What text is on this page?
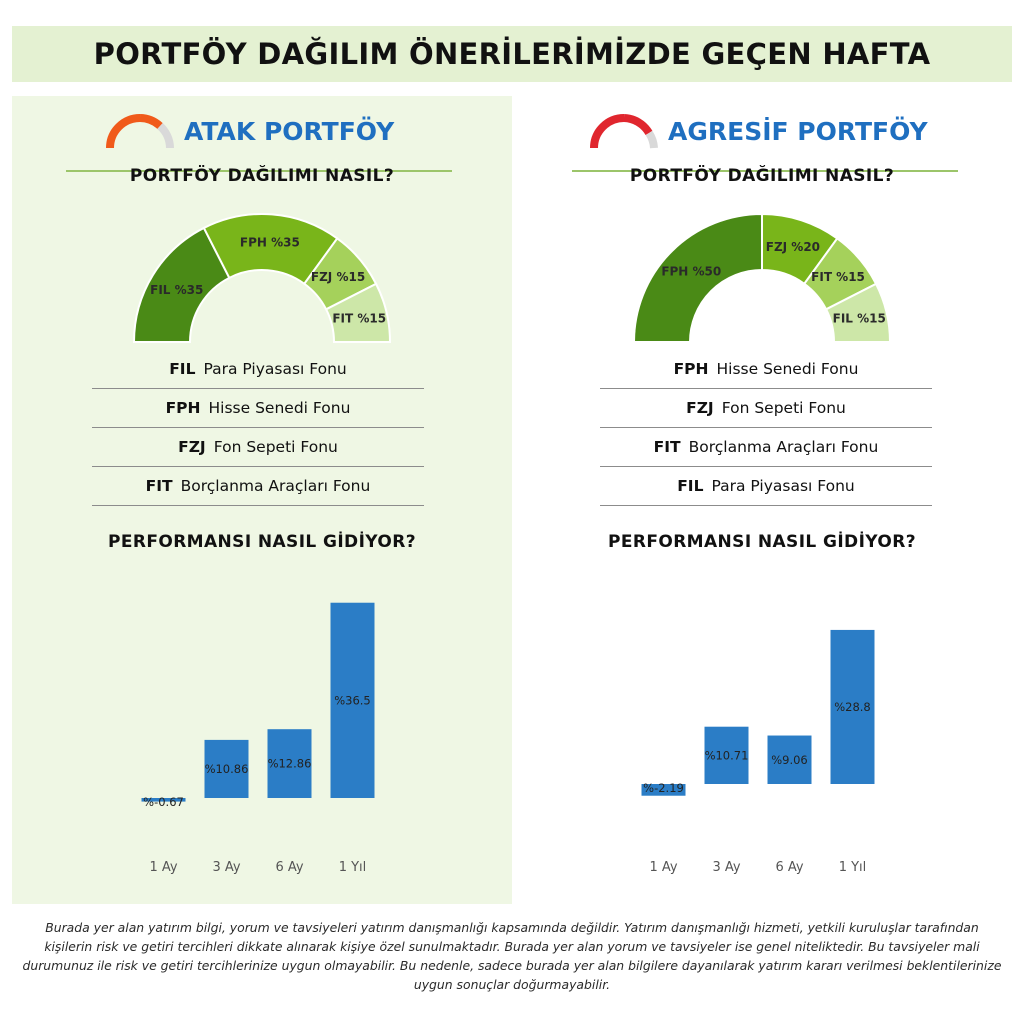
PORTFÖY DAĞILIM ÖNERİLERİMİZDE GEÇEN HAFTA
ATAK PORTFÖY
PORTFÖY DAĞILIMI NASIL?
FIL %35
FPH %35
FZJ %15
FIT %15
FIL Para Piyasası Fonu
FPH Hisse Senedi Fonu
FZJ Fon Sepeti Fonu
FIT Borçlanma Araçları Fonu
PERFORMANSI NASIL GİDİYOR?
%-0.67
1 Ay
%10.86
3 Ay
%12.86
6 Ay
%36.5
1 Yıl
AGRESİF PORTFÖY
PORTFÖY DAĞILIMI NASIL?
FPH %50
FZJ %20
FIT %15
FIL %15
FPH Hisse Senedi Fonu
FZJ Fon Sepeti Fonu
FIT Borçlanma Araçları Fonu
FIL Para Piyasası Fonu
PERFORMANSI NASIL GİDİYOR?
%-2.19
1 Ay
%10.71
3 Ay
%9.06
6 Ay
%28.8
1 Yıl

Burada yer alan yatırım bilgi, yorum ve tavsiyeleri yatırım danışmanlığı kapsamında değildir. Yatırım danışmanlığı hizmeti, yetkili kuruluşlar tarafından kişilerin risk ve getiri tercihleri dikkate alınarak kişiye özel sunulmaktadır. Burada yer alan yorum ve tavsiyeler ise genel niteliktedir. Bu tavsiyeler mali durumunuz ile risk ve getiri tercihlerinize uygun olmayabilir. Bu nedenle, sadece burada yer alan bilgilere dayanılarak yatırım kararı verilmesi beklentilerinize uygun sonuçlar doğurmayabilir.
